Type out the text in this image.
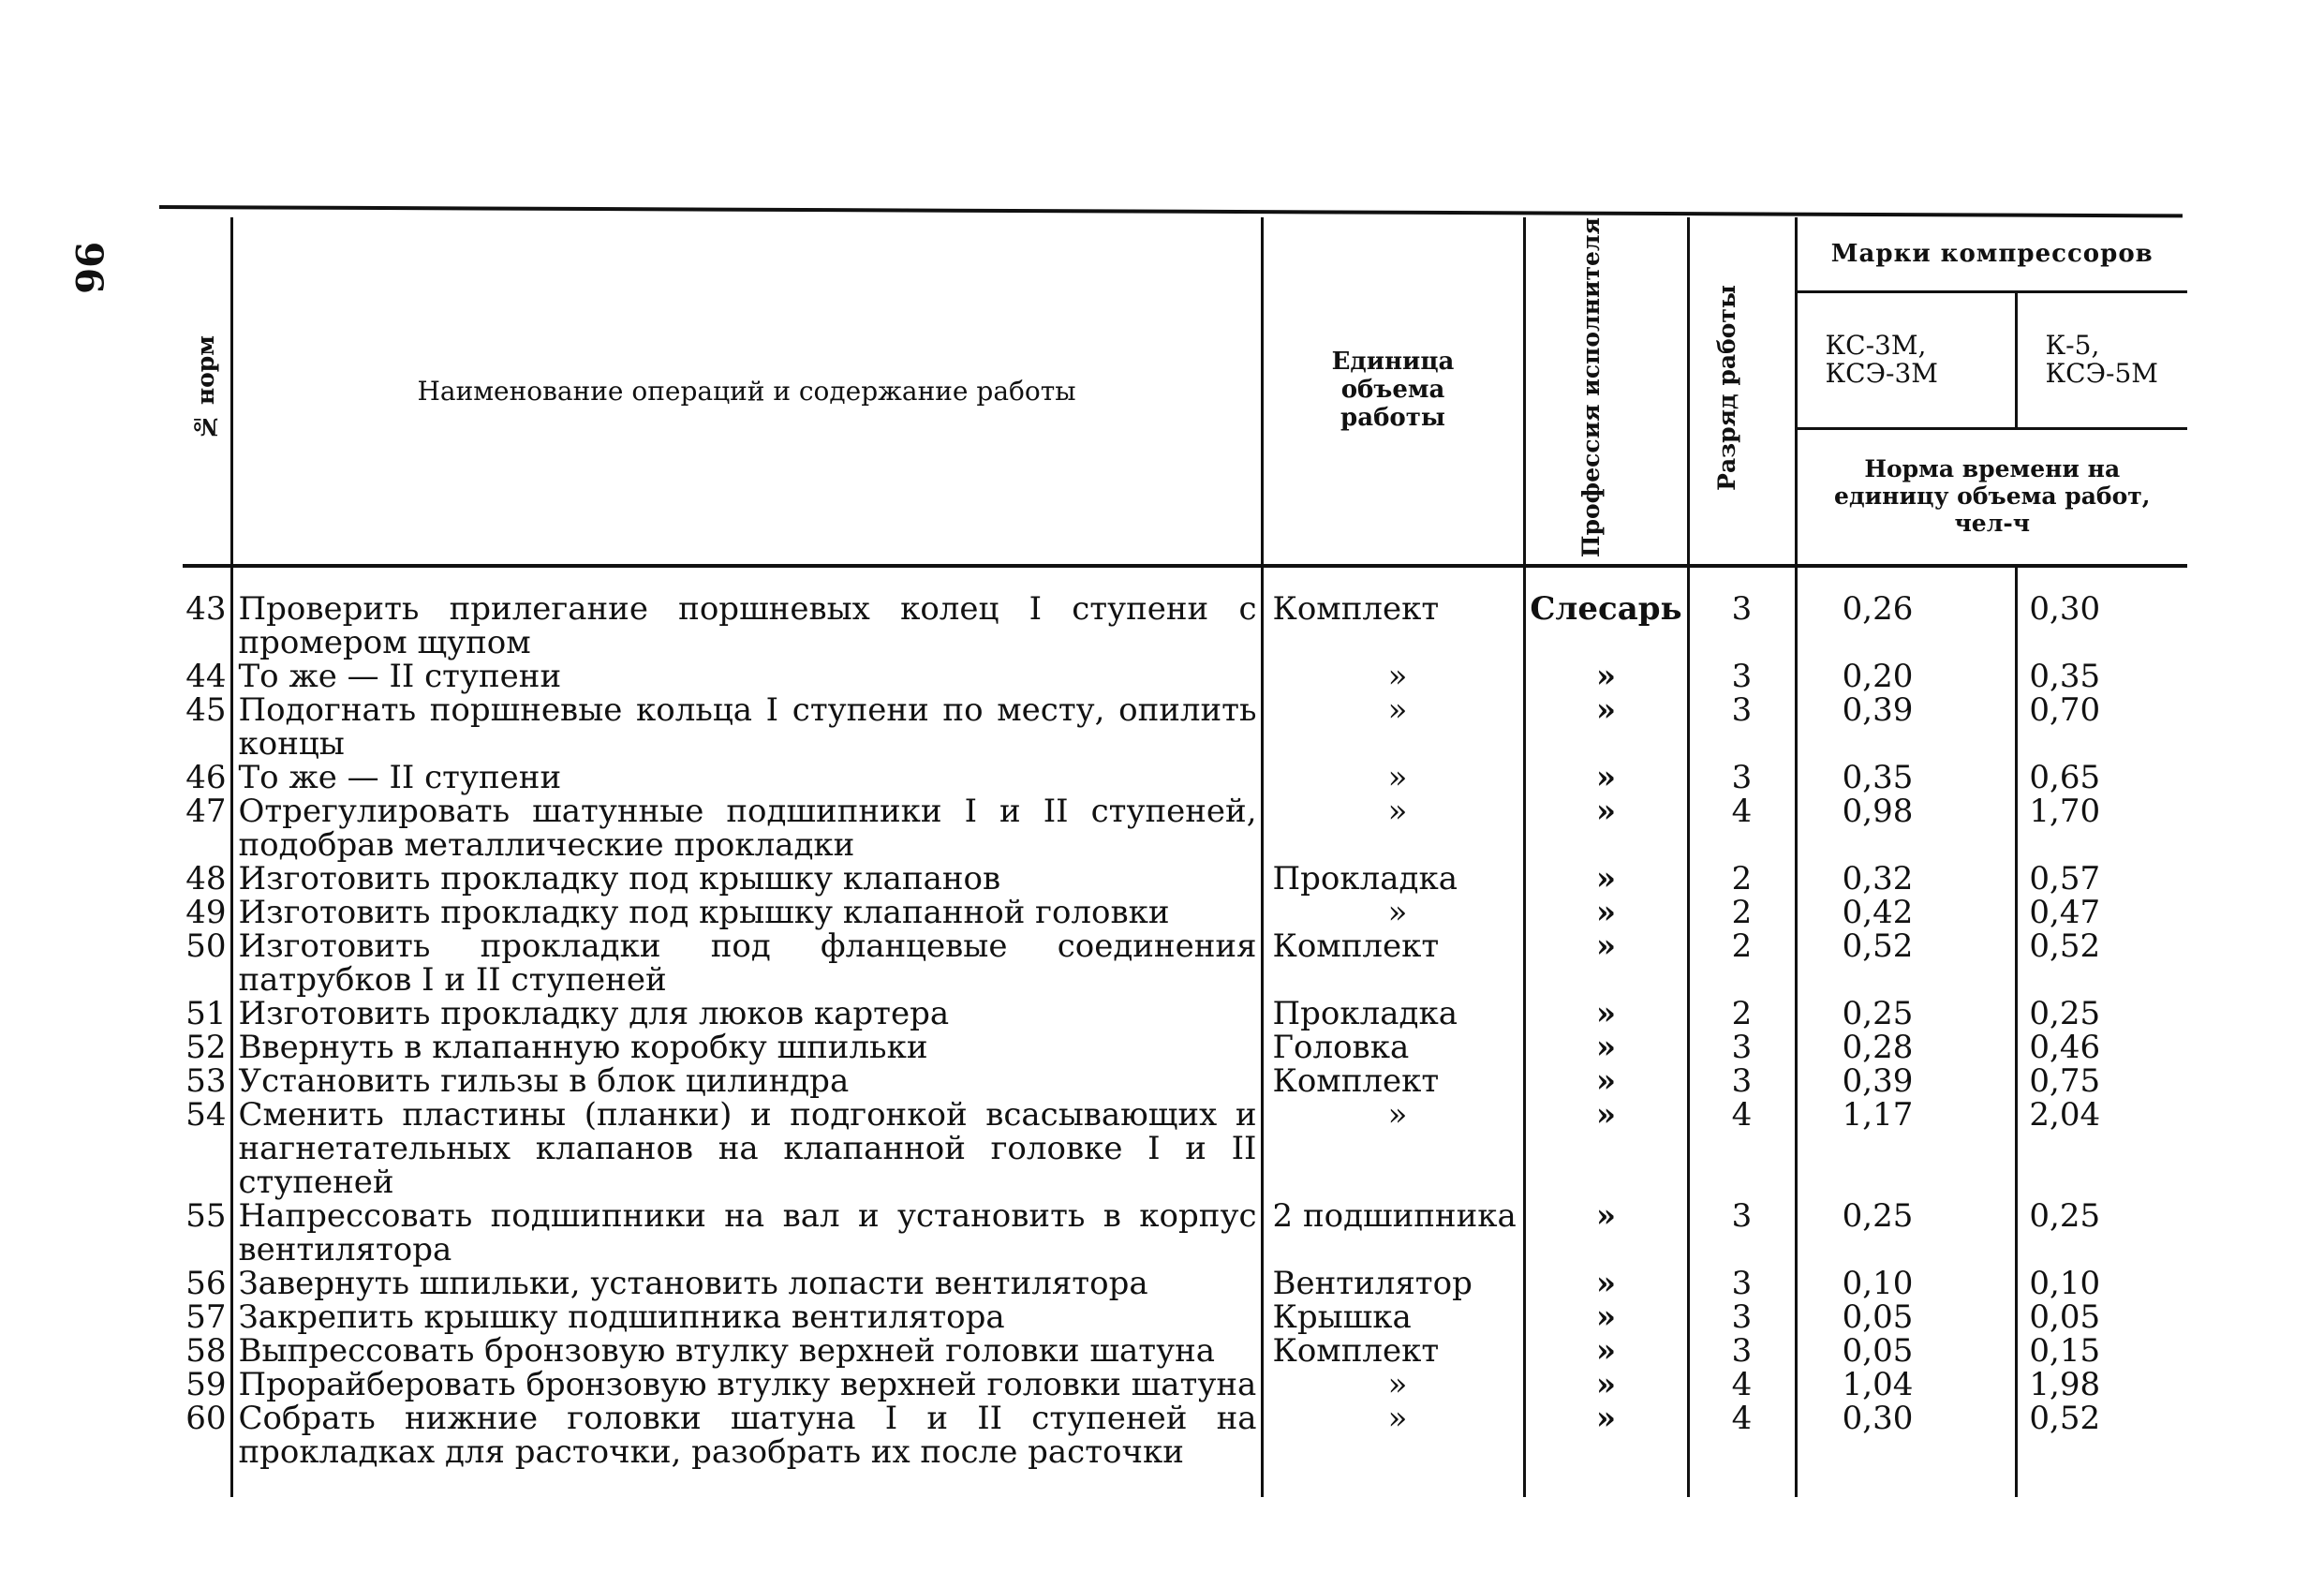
96
№ норм	Наименование операций и содержание работы	Единица объема работы	Профессия исполнителя	Разряд работы	Марки компрессоров	

					КС-3М, КСЭ-3М	К-5, КСЭ-5М

					Норма времени на единицу объема работ, чел-ч	

43	Проверить прилегание поршневых колец I ступени с промером щупом	Комплект	Слесарь	3	0,26	0,30
44	То же — II ступени	»	»	3	0,20	0,35
45	Подогнать поршневые кольца I ступени по месту, опилить концы	»	»	3	0,39	0,70
46	То же — II ступени	»	»	3	0,35	0,65
47	Отрегулировать шатунные подшипники I и II ступеней, подобрав металлические прокладки	»	»	4	0,98	1,70
48	Изготовить прокладку под крышку клапанов	Прокладка	»	2	0,32	0,57
49	Изготовить прокладку под крышку клапанной головки	»	»	2	0,42	0,47
50	Изготовить прокладки под фланцевые соединения патрубков I и II ступеней	Комплект	»	2	0,52	0,52
51	Изготовить прокладку для люков картера	Прокладка	»	2	0,25	0,25
52	Ввернуть в клапанную коробку шпильки	Головка	»	3	0,28	0,46
53	Установить гильзы в блок цилиндра	Комплект	»	3	0,39	0,75
54	Сменить пластины (планки) и подгонкой всасывающих и нагнетательных клапанов на клапанной головке I и II ступеней	»	»	4	1,17	2,04
55	Напрессовать подшипники на вал и установить в корпус вентилятора	2 подшипника	»	3	0,25	0,25
56	Завернуть шпильки, установить лопасти вентилятора	Вентилятор	»	3	0,10	0,10
57	Закрепить крышку подшипника вентилятора	Крышка	»	3	0,05	0,05
58	Выпрессовать бронзовую втулку верхней головки шатуна	Комплект	»	3	0,05	0,15
59	Прорайберовать бронзовую втулку верхней головки шатуна	»	»	4	1,04	1,98
60	Собрать нижние головки шатуна I и II ступеней на прокладках для расточки, разобрать их после расточки	»	»	4	0,30	0,52
